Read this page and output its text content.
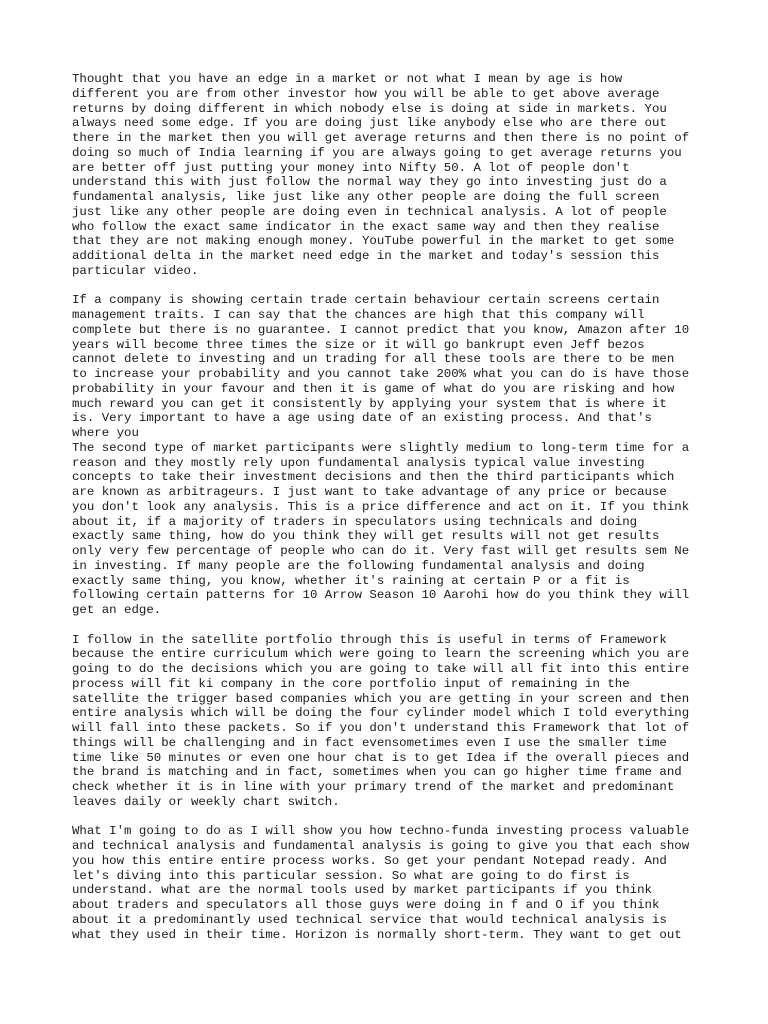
Thought that you have an edge in a market or not what I mean by age is how
different you are from other investor how you will be able to get above average
returns by doing different in which nobody else is doing at side in markets. You
always need some edge. If you are doing just like anybody else who are there out
there in the market then you will get average returns and then there is no point of
doing so much of India learning if you are always going to get average returns you
are better off just putting your money into Nifty 50. A lot of people don't
understand this with just follow the normal way they go into investing just do a
fundamental analysis, like just like any other people are doing the full screen
just like any other people are doing even in technical analysis. A lot of people
who follow the exact same indicator in the exact same way and then they realise
that they are not making enough money. YouTube powerful in the market to get some
additional delta in the market need edge in the market and today's session this
particular video.

If a company is showing certain trade certain behaviour certain screens certain
management traits. I can say that the chances are high that this company will
complete but there is no guarantee. I cannot predict that you know, Amazon after 10
years will become three times the size or it will go bankrupt even Jeff bezos
cannot delete to investing and un trading for all these tools are there to be men
to increase your probability and you cannot take 200% what you can do is have those
probability in your favour and then it is game of what do you are risking and how
much reward you can get it consistently by applying your system that is where it
is. Very important to have a age using date of an existing process. And that's
where you

The second type of market participants were slightly medium to long-term time for a
reason and they mostly rely upon fundamental analysis typical value investing
concepts to take their investment decisions and then the third participants which
are known as arbitrageurs. I just want to take advantage of any price or because
you don't look any analysis. This is a price difference and act on it. If you think
about it, if a majority of traders in speculators using technicals and doing
exactly same thing, how do you think they will get results will not get results
only very few percentage of people who can do it. Very fast will get results sem Ne
in investing. If many people are the following fundamental analysis and doing
exactly same thing, you know, whether it's raining at certain P or a fit is
following certain patterns for 10 Arrow Season 10 Aarohi how do you think they will
get an edge.

I follow in the satellite portfolio through this is useful in terms of Framework
because the entire curriculum which were going to learn the screening which you are
going to do the decisions which you are going to take will all fit into this entire
process will fit ki company in the core portfolio input of remaining in the
satellite the trigger based companies which you are getting in your screen and then
entire analysis which will be doing the four cylinder model which I told everything
will fall into these packets. So if you don't understand this Framework that lot of
things will be challenging and in fact evensometimes even I use the smaller time
time like 50 minutes or even one hour chat is to get Idea if the overall pieces and
the brand is matching and in fact, sometimes when you can go higher time frame and
check whether it is in line with your primary trend of the market and predominant
leaves daily or weekly chart switch.

What I'm going to do as I will show you how techno-funda investing process valuable
and technical analysis and fundamental analysis is going to give you that each show
you how this entire entire process works. So get your pendant Notepad ready. And
let's diving into this particular session. So what are going to do first is
understand. what are the normal tools used by market participants if you think
about traders and speculators all those guys were doing in f and O if you think
about it a predominantly used technical service that would technical analysis is
what they used in their time. Horizon is normally short-term. They want to get out
